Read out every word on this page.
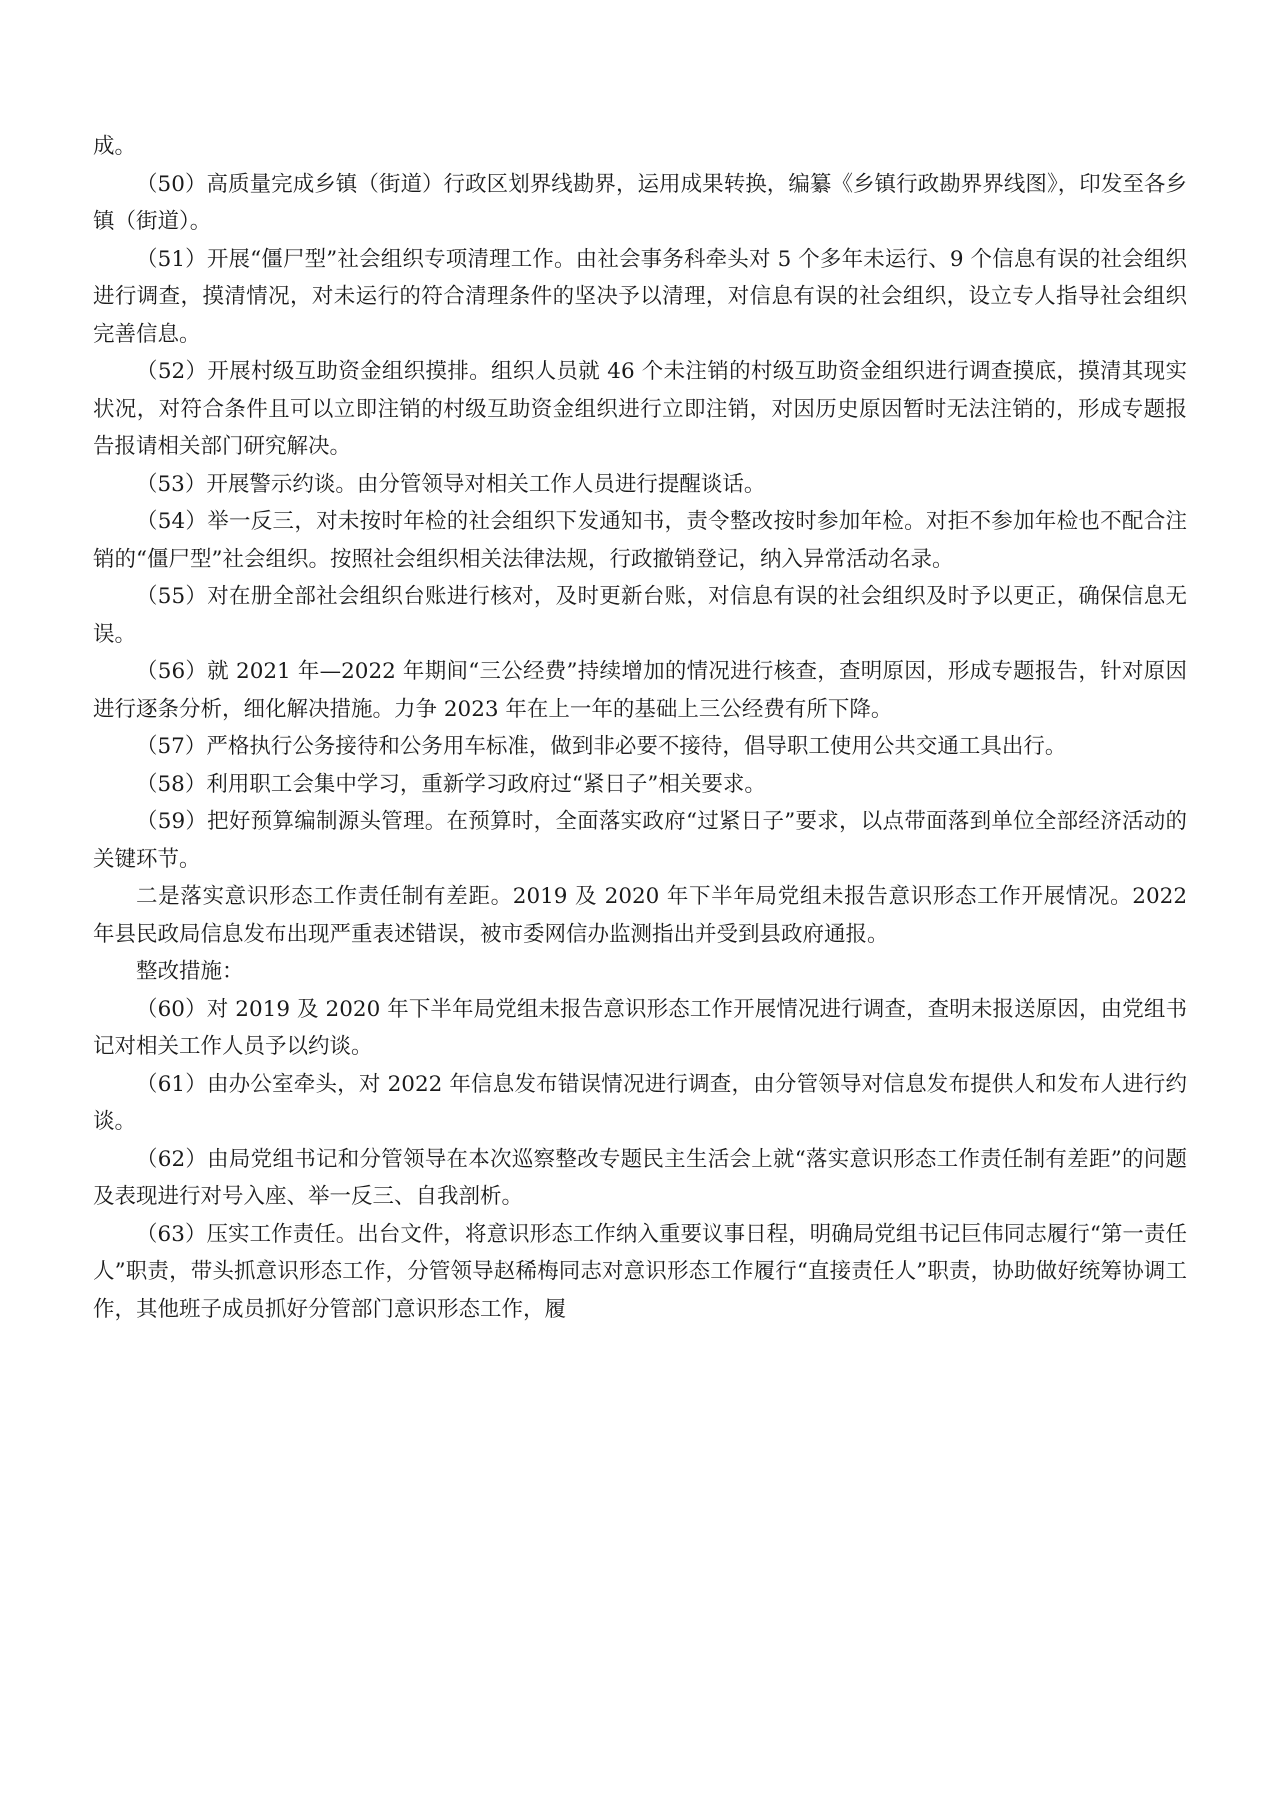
成。

（50）高质量完成乡镇（街道）行政区划界线勘界，运用成果转换，编纂《乡镇行政勘界界线图》，印发至各乡镇（街道）。

（51）开展“僵尸型”社会组织专项清理工作。由社会事务科牵头对 5 个多年未运行、9 个信息有误的社会组织进行调查，摸清情况，对未运行的符合清理条件的坚决予以清理，对信息有误的社会组织，设立专人指导社会组织完善信息。

（52）开展村级互助资金组织摸排。组织人员就 46 个未注销的村级互助资金组织进行调查摸底，摸清其现实状况，对符合条件且可以立即注销的村级互助资金组织进行立即注销，对因历史原因暂时无法注销的，形成专题报告报请相关部门研究解决。

（53）开展警示约谈。由分管领导对相关工作人员进行提醒谈话。

（54）举一反三，对未按时年检的社会组织下发通知书，责令整改按时参加年检。对拒不参加年检也不配合注销的“僵尸型”社会组织。按照社会组织相关法律法规，行政撤销登记，纳入异常活动名录。

（55）对在册全部社会组织台账进行核对，及时更新台账，对信息有误的社会组织及时予以更正，确保信息无误。

（56）就 2021 年—2022 年期间“三公经费”持续增加的情况进行核查，查明原因，形成专题报告，针对原因进行逐条分析，细化解决措施。力争 2023 年在上一年的基础上三公经费有所下降。

（57）严格执行公务接待和公务用车标准，做到非必要不接待，倡导职工使用公共交通工具出行。

（58）利用职工会集中学习，重新学习政府过“紧日子”相关要求。

（59）把好预算编制源头管理。在预算时，全面落实政府“过紧日子”要求，以点带面落到单位全部经济活动的关键环节。

二是落实意识形态工作责任制有差距。2019 及 2020 年下半年局党组未报告意识形态工作开展情况。2022 年县民政局信息发布出现严重表述错误，被市委网信办监测指出并受到县政府通报。

整改措施：

（60）对 2019 及 2020 年下半年局党组未报告意识形态工作开展情况进行调查，查明未报送原因，由党组书记对相关工作人员予以约谈。

（61）由办公室牵头，对 2022 年信息发布错误情况进行调查，由分管领导对信息发布提供人和发布人进行约谈。

（62）由局党组书记和分管领导在本次巡察整改专题民主生活会上就“落实意识形态工作责任制有差距”的问题及表现进行对号入座、举一反三、自我剖析。

（63）压实工作责任。出台文件，将意识形态工作纳入重要议事日程，明确局党组书记巨伟同志履行“第一责任人”职责，带头抓意识形态工作，分管领导赵稀梅同志对意识形态工作履行“直接责任人”职责，协助做好统筹协调工作，其他班子成员抓好分管部门意识形态工作，履
